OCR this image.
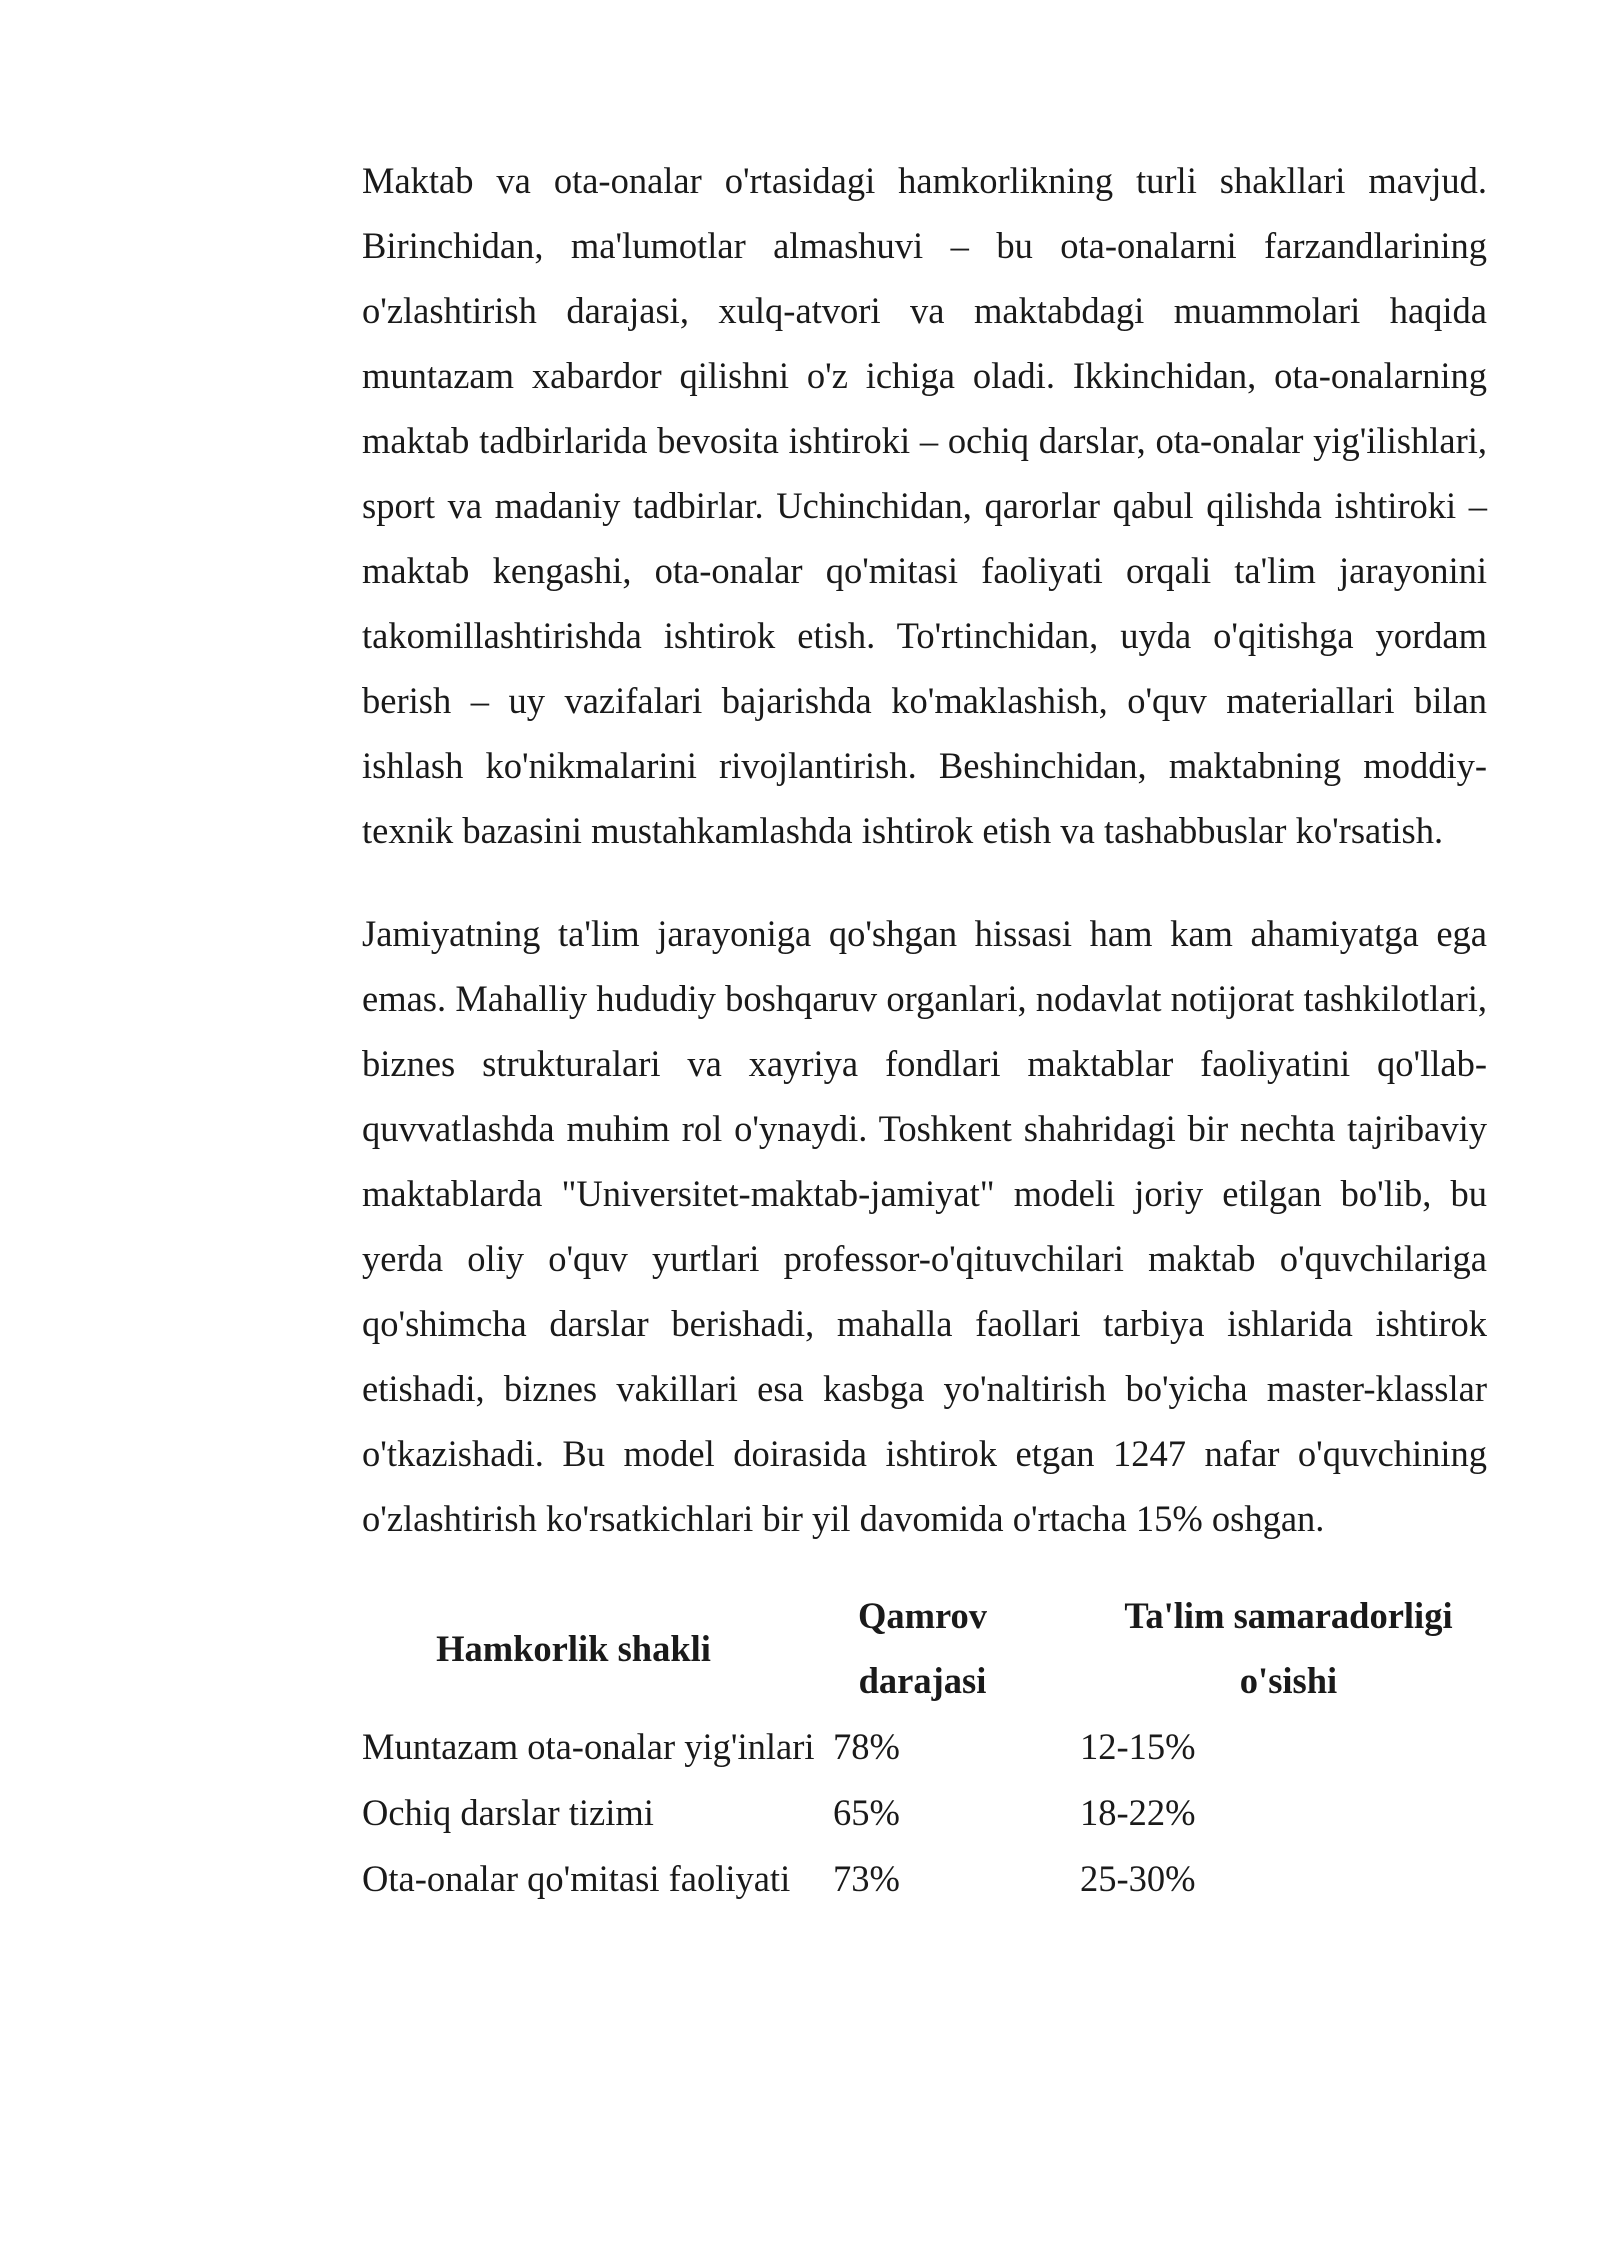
Maktab va ota-onalar o'rtasidagi hamkorlikning turli shakllari mavjud. Birinchidan, ma'lumotlar almashuvi – bu ota-onalarni farzandlarining o'zlashtirish darajasi, xulq-atvori va maktabdagi muammolari haqida muntazam xabardor qilishni o'z ichiga oladi. Ikkinchidan, ota-onalarning maktab tadbirlarida bevosita ishtiroki – ochiq darslar, ota-onalar yig'ilishlari, sport va madaniy tadbirlar. Uchinchidan, qarorlar qabul qilishda ishtiroki – maktab kengashi, ota-onalar qo'mitasi faoliyati orqali ta'lim jarayonini takomillashtirishda ishtirok etish. To'rtinchidan, uyda o'qitishga yordam berish – uy vazifalari bajarishda ko'maklashish, o'quv materiallari bilan ishlash ko'nikmalarini rivojlantirish. Beshinchidan, maktabning moddiy-texnik bazasini mustahkamlashda ishtirok etish va tashabbuslar ko'rsatish.

Jamiyatning ta'lim jarayoniga qo'shgan hissasi ham kam ahamiyatga ega emas. Mahalliy hududiy boshqaruv organlari, nodavlat notijorat tashkilotlari, biznes strukturalari va xayriya fondlari maktablar faoliyatini qo'llab-quvvatlashda muhim rol o'ynaydi. Toshkent shahridagi bir nechta tajribaviy maktablarda "Universitet-maktab-jamiyat" modeli joriy etilgan bo'lib, bu yerda oliy o'quv yurtlari professor-o'qituvchilari maktab o'quvchilariga qo'shimcha darslar berishadi, mahalla faollari tarbiya ishlarida ishtirok etishadi, biznes vakillari esa kasbga yo'naltirish bo'yicha master-klasslar o'tkazishadi. Bu model doirasida ishtirok etgan 1247 nafar o'quvchining o'zlashtirish ko'rsatkichlari bir yil davomida o'rtacha 15% oshgan.

Hamkorlik shakli	Qamrov darajasi	Ta'lim samaradorligi o'sishi
Muntazam ota-onalar yig'inlari	78%	12-15%
Ochiq darslar tizimi	65%	18-22%
Ota-onalar qo'mitasi faoliyati	73%	25-30%
